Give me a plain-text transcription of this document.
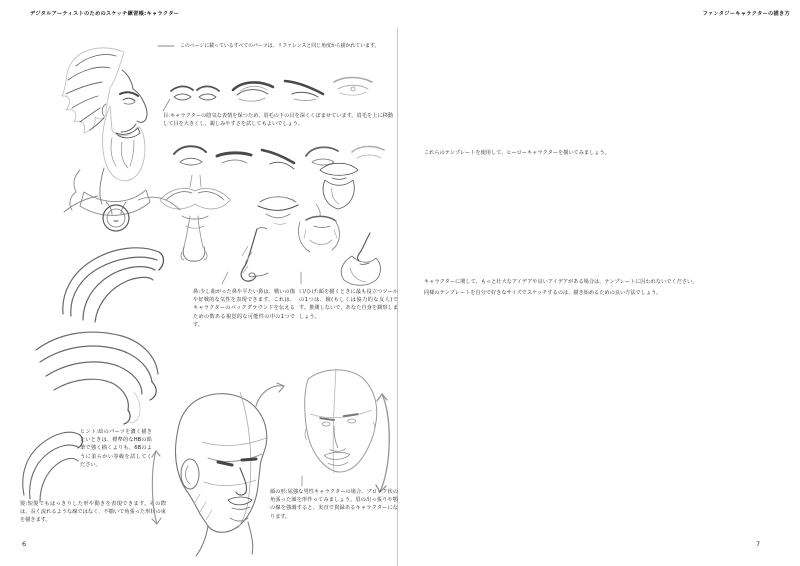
デジタルアーティストのためのスケッチ練習帳:キャラクター	ファンタジーキャラクターの描き方
このページに載っているすべてのパーツは、リファレンスと同じ角度から描かれています。
目:キャラクターの陰気な表情を保つため、眉毛の下の目を深くくぼませています。眉毛を上に移動して目を大きくし、親しみやすさを試してもよいでしょう。
鼻:少し曲がった鼻や平たい鼻は、戦いの傷や好戦的な気性を表現できます。これは、キャラクターのバックグラウンドを伝えるための数ある視覚的な可能性の中の1つです。
口/ひげ:顔を描くときに最も役立つツールの1つは、鏡(もしくは協力的な友人)です。推測しないで、あなた自身を観察しましょう。
ヒント:絵のパーツを濃く描きたいときは、標準的なHBの鉛筆で強く描くよりも、6Bのように柔らかい等級を試してください。
髪:短髪でもはっきりした形や動きを表現できます。その際は、長く流れるような線ではなく、不揃いで角張った形状の束を描きます。
顔の形:屈強な男性キャラクターの場合、ブロック状の角張った顔を形作ってみましょう。眉の出っ張りや顎の線を強調すると、実直で貫録あるキャラクターになります。
6
これらのテンプレートを使用して、ヒーローキャラクターを描いてみましょう。
キャラクターに関して、もっと壮大なアイデアや良いアイデアがある場合は、テンプレートに囚われないでください。
同様のテンプレートを自分で好きなサイズでスケッチするのは、描き始めるための良い方法でしょう。
7
